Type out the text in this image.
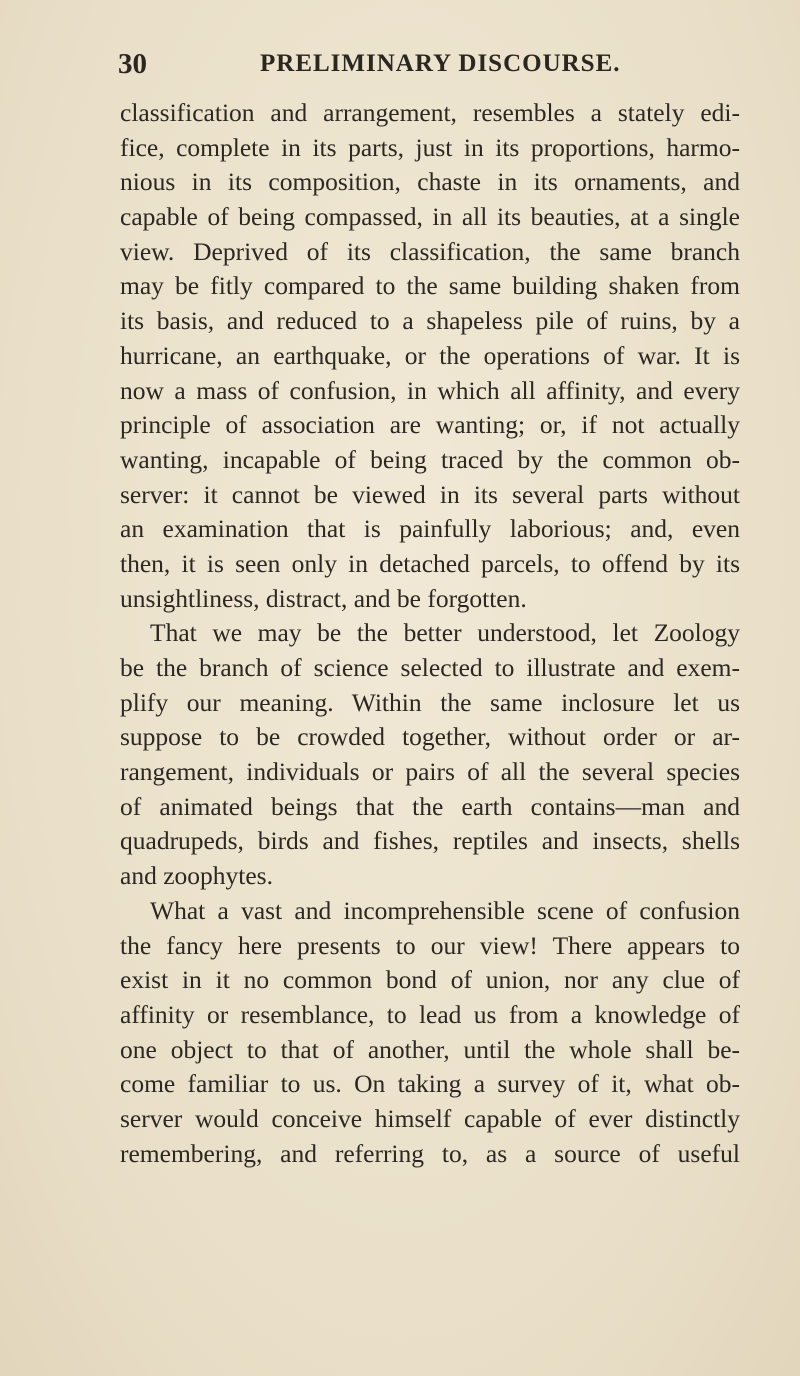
30	PRELIMINARY DISCOURSE.
classification and arrangement, resembles a stately edi-
fice, complete in its parts, just in its proportions, harmo-
nious in its composition, chaste in its ornaments, and
capable of being compassed, in all its beauties, at a single
view. Deprived of its classification, the same branch
may be fitly compared to the same building shaken from
its basis, and reduced to a shapeless pile of ruins, by a
hurricane, an earthquake, or the operations of war. It is
now a mass of confusion, in which all affinity, and every
principle of association are wanting; or, if not actually
wanting, incapable of being traced by the common ob-
server: it cannot be viewed in its several parts without
an examination that is painfully laborious; and, even
then, it is seen only in detached parcels, to offend by its
unsightliness, distract, and be forgotten.
That we may be the better understood, let Zoology
be the branch of science selected to illustrate and exem-
plify our meaning. Within the same inclosure let us
suppose to be crowded together, without order or ar-
rangement, individuals or pairs of all the several species
of animated beings that the earth contains—man and
quadrupeds, birds and fishes, reptiles and insects, shells
and zoophytes.
What a vast and incomprehensible scene of confusion
the fancy here presents to our view! There appears to
exist in it no common bond of union, nor any clue of
affinity or resemblance, to lead us from a knowledge of
one object to that of another, until the whole shall be-
come familiar to us. On taking a survey of it, what ob-
server would conceive himself capable of ever distinctly
remembering, and referring to, as a source of useful
